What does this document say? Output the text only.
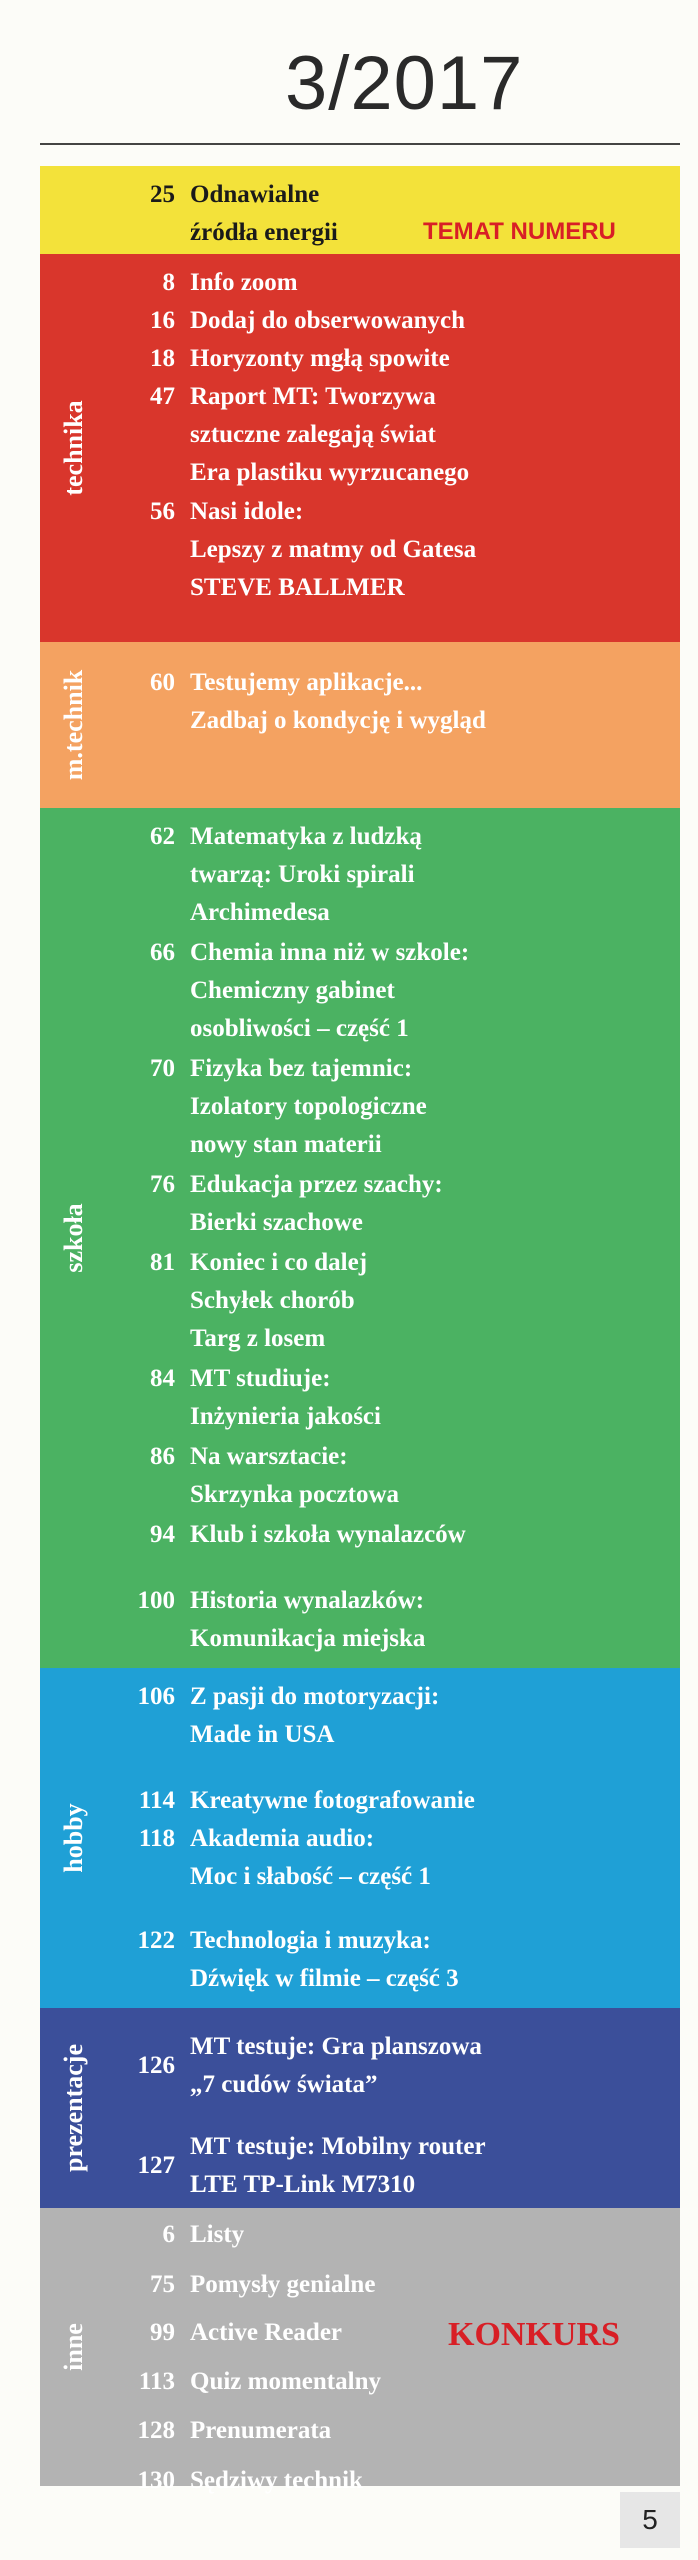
3/2017
25 Odnawialne
źródła energii	TEMAT NUMERU
technika
8 Info zoom
16 Dodaj do obserwowanych
18 Horyzonty mgłą spowite
47 Raport MT: Tworzywa
sztuczne zalegają świat
Era plastiku wyrzucanego
56 Nasi idole:
Lepszy z matmy od Gatesa
STEVE BALLMER
m.technik 60 Testujemy aplikacje...
Zadbaj o kondycję i wygląd
szkoła
62 Matematyka z ludzką
twarzą: Uroki spirali
Archimedesa
66 Chemia inna niż w szkole:
Chemiczny gabinet
osobliwości – część 1
70 Fizyka bez tajemnic:
Izolatory topologiczne
nowy stan materii
76 Edukacja przez szachy:
Bierki szachowe
81 Koniec i co dalej
Schyłek chorób
Targ z losem
84 MT studiuje:
Inżynieria jakości
86 Na warsztacie:
Skrzynka pocztowa
94 Klub i szkoła wynalazców
100 Historia wynalazków:
Komunikacja miejska
hobby
106 Z pasji do motoryzacji:
Made in USA
114 Kreatywne fotografowanie
118 Akademia audio:
Moc i słabość – część 1
122 Technologia i muzyka:
Dźwięk w filmie – część 3
prezentacje 126
MT testuje: Gra planszowa
„7 cudów świata”
127
MT testuje: Mobilny router
LTE TP-Link M7310
inne
6 Listy
75 Pomysły genialne
99 Active Reader
113 Quiz momentalny
128 Prenumerata
130 Sędziwy technik
KONKURS
5
